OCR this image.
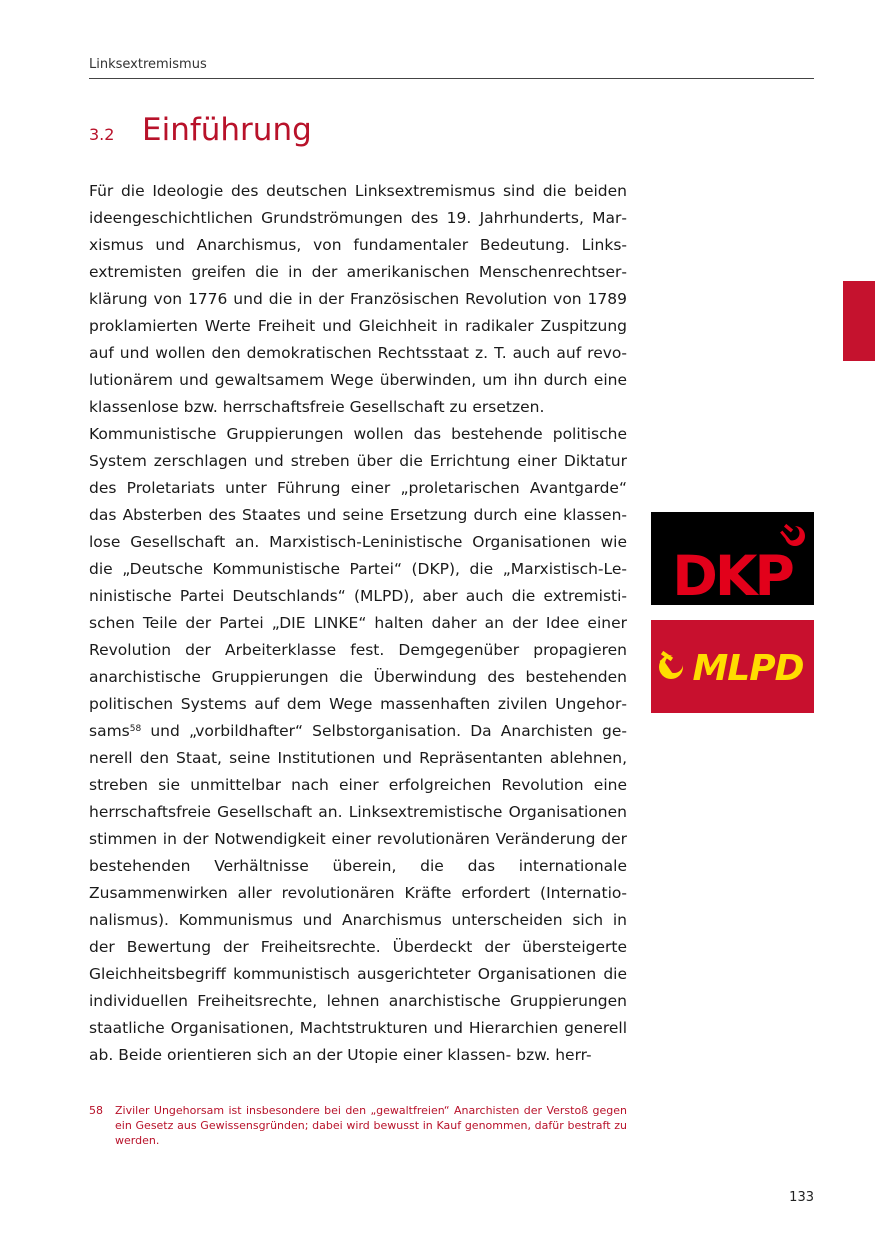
Linksextremismus
3.2 Einführung

Für die Ideologie des deutschen Linksextremismus sind die beiden ideengeschichtlichen Grundströmungen des 19. Jahrhunderts, Marxismus und Anarchismus, von fundamentaler Bedeutung. Linksextremisten greifen die in der amerikanischen Menschenrechtserklärung von 1776 und die in der Französischen Revolution von 1789 proklamierten Werte Freiheit und Gleichheit in radikaler Zuspitzung auf und wollen den demokratischen Rechtsstaat z. T. auch auf revolutionärem und gewaltsamem Wege überwinden, um ihn durch eine klassenlose bzw. herrschaftsfreie Gesellschaft zu ersetzen.

Kommunistische Gruppierungen wollen das bestehende politische System zerschlagen und streben über die Errichtung einer Diktatur des Proletariats unter Führung einer „proletarischen Avantgarde“ das Absterben des Staates und seine Ersetzung durch eine klassenlose Gesellschaft an. Marxistisch-Leninistische Organisationen wie die „Deutsche Kommunistische Partei“ (DKP), die „Marxistisch-Leninistische Partei Deutschlands“ (MLPD), aber auch die extremistischen Teile der Partei „DIE LINKE“ halten daher an der Idee einer Revolution der Arbeiterklasse fest. Demgegenüber propagieren anarchistische Gruppierungen die Überwindung des bestehenden politischen Systems auf dem Wege massenhaften zivilen Ungehorsams$^{58}$ und „vorbildhafter“ Selbstorganisation. Da Anarchisten generell den Staat, seine Institutionen und Repräsentanten ablehnen, streben sie unmittelbar nach einer erfolgreichen Revolution eine herrschaftsfreie Gesellschaft an. Linksextremistische Organisationen stimmen in der Notwendigkeit einer revolutionären Veränderung der bestehenden Verhältnisse überein, die das internationale Zusammenwirken aller revolutionären Kräfte erfordert (Internationalismus). Kommunismus und Anarchismus unterscheiden sich in der Bewertung der Freiheitsrechte. Überdeckt der übersteigerte Gleichheitsbegriff kommunistisch ausgerichteter Organisationen die individuellen Freiheitsrechte, lehnen anarchistische Gruppierungen staatliche Organisationen, Machtstrukturen und Hierarchien generell ab. Beide orientieren sich an der Utopie einer klassen- bzw. herr-

DKP
MLPD
58	Ziviler Ungehorsam ist insbesondere bei den „gewaltfreien“ Anarchisten der Verstoß gegen ein Gesetz aus Gewissensgründen; dabei wird bewusst in Kauf genommen, dafür bestraft zu werden.
133
